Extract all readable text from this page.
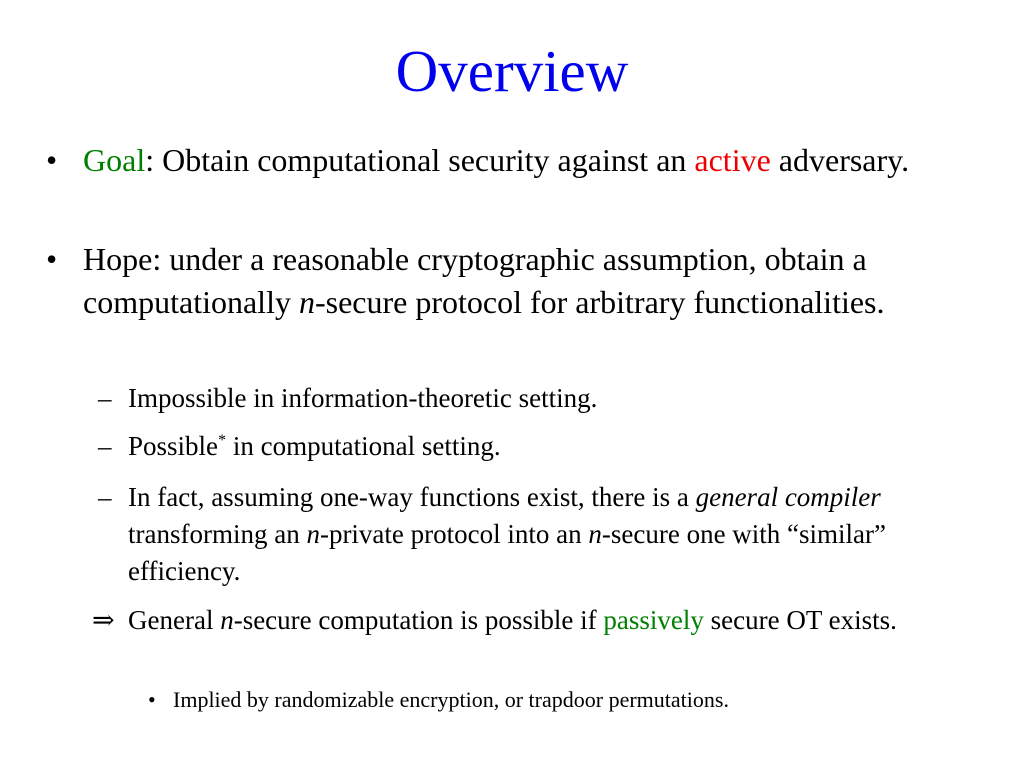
Overview
• Goal: Obtain computational security against an active adversary.
• Hope: under a reasonable cryptographic assumption, obtain a computationally n-secure protocol for arbitrary functionalities.
– Impossible in information-theoretic setting.
– Possible* in computational setting.
– In fact, assuming one-way functions exist, there is a general compiler transforming an n-private protocol into an n-secure one with “similar” efficiency.
⇒ General n-secure computation is possible if passively secure OT exists.
• Implied by randomizable encryption, or trapdoor permutations.
